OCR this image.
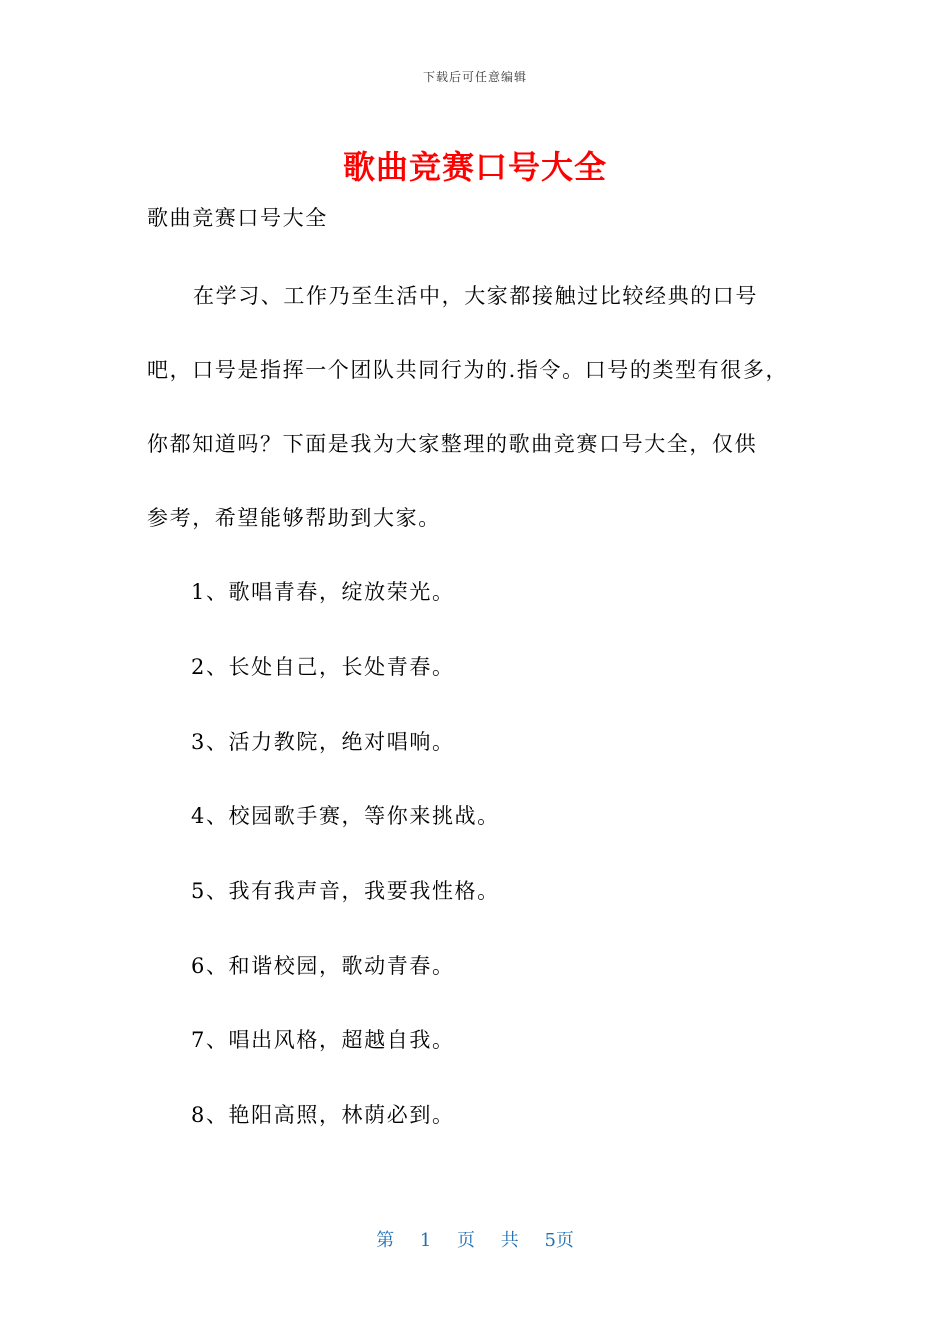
下载后可任意编辑
歌曲竞赛口号大全
歌曲竞赛口号大全
在学习、工作乃至生活中，大家都接触过比较经典的口号
吧，口号是指挥一个团队共同行为的.指令。口号的类型有很多，
你都知道吗？下面是我为大家整理的歌曲竞赛口号大全，仅供
参考，希望能够帮助到大家。
1、歌唱青春，绽放荣光。
2、长处自己，长处青春。
3、活力教院，绝对唱响。
4、校园歌手赛，等你来挑战。
5、我有我声音，我要我性格。
6、和谐校园，歌动青春。
7、唱出风格，超越自我。
8、艳阳高照，林荫必到。
第 1 页 共 5页
